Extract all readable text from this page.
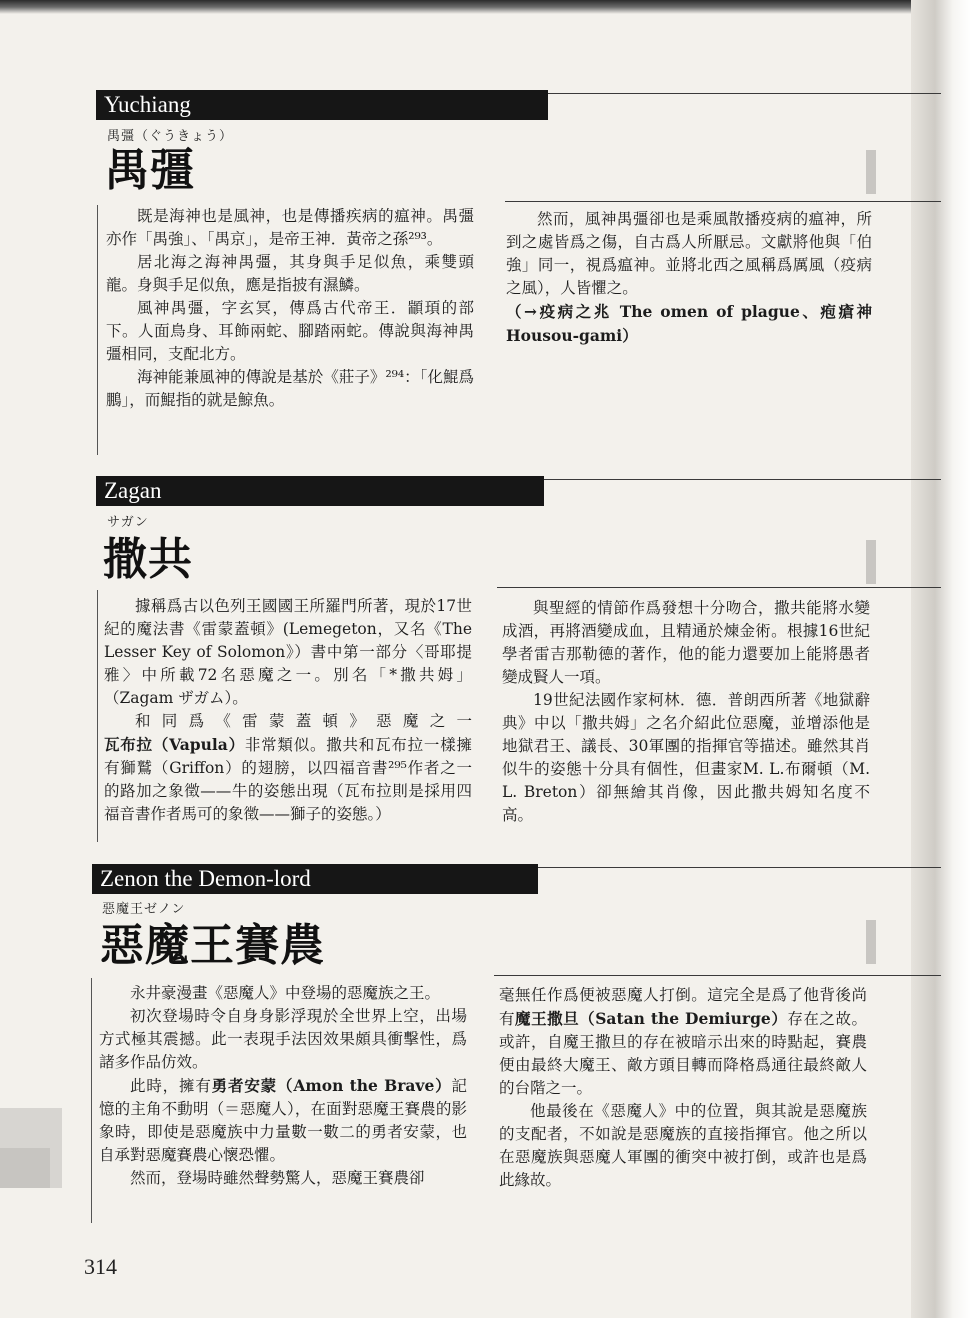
Yuchiang
禺彊（ぐうきょう）
禺彊

既是海神也是風神，也是傳播疾病的瘟神。禺彊亦作「禺強」、「禺京」，是帝王神．黃帝之孫²⁹³。

居北海之海神禺彊，其身與手足似魚，乘雙頭龍。身與手足似魚，應是指披有濕鱗。

風神禺彊，字玄冥，傳爲古代帝王．顓頊的部下。人面鳥身、耳飾兩蛇、腳踏兩蛇。傳說與海神禺彊相同，支配北方。

海神能兼風神的傳說是基於《莊子》²⁹⁴：「化鯤爲鵬」，而鯤指的就是鯨魚。

然而，風神禺彊卻也是乘風散播疫病的瘟神，所到之處皆爲之傷，自古爲人所厭忌。文獻將他與「伯強」同一，視爲瘟神。並將北西之風稱爲厲風（疫病之風），人皆懼之。

（→疫病之兆 The omen of plague、疱瘡神 Housou-gami）

Zagan
サガン
撒共

據稱爲古以色列王國國王所羅門所著，現於17世紀的魔法書《雷蒙蓋頓》(Lemegeton，又名《The Lesser Key of Solomon》）書中第一部分〈哥耶提雅〉中所載72名惡魔之一。別名「*撒共姆」（Zagam ザガム）。

和同爲《雷蒙蓋頓》惡魔之一瓦布拉（Vapula）非常類似。撒共和瓦布拉一樣擁有獅鷲（Griffon）的翅膀，以四福音書²⁹⁵作者之一的路加之象徵——牛的姿態出現（瓦布拉則是採用四福音書作者馬可的象徵——獅子的姿態。）

與聖經的情節作爲發想十分吻合，撒共能將水變成酒，再將酒變成血，且精通於煉金術。根據16世紀學者雷吉那勒德的著作，他的能力還要加上能將愚者變成賢人一項。

19世紀法國作家柯林．德．普朗西所著《地獄辭典》中以「撒共姆」之名介紹此位惡魔，並增添他是地獄君王、議長、30軍團的指揮官等描述。雖然其肖似牛的姿態十分具有個性，但畫家M. L.布爾頓（M. L. Breton）卻無繪其肖像，因此撒共姆知名度不高。

Zenon the Demon-lord
惡魔王ゼノン
惡魔王賽農

永井豪漫畫《惡魔人》中登場的惡魔族之王。

初次登場時令自身身影浮現於全世界上空，出場方式極其震撼。此一表現手法因效果頗具衝擊性，爲諸多作品仿效。

此時，擁有勇者安蒙（Amon the Brave）記憶的主角不動明（＝惡魔人），在面對惡魔王賽農的影象時，即使是惡魔族中力量數一數二的勇者安蒙，也自承對惡魔賽農心懷恐懼。

然而，登場時雖然聲勢驚人，惡魔王賽農卻

毫無任作爲便被惡魔人打倒。這完全是爲了他背後尚有魔王撒旦（Satan the Demiurge）存在之故。或許，自魔王撒旦的存在被暗示出來的時點起，賽農便由最終大魔王、敵方頭目轉而降格爲通往最終敵人的台階之一。

他最後在《惡魔人》中的位置，與其說是惡魔族的支配者，不如說是惡魔族的直接指揮官。他之所以在惡魔族與惡魔人軍團的衝突中被打倒，或許也是爲此緣故。

314
